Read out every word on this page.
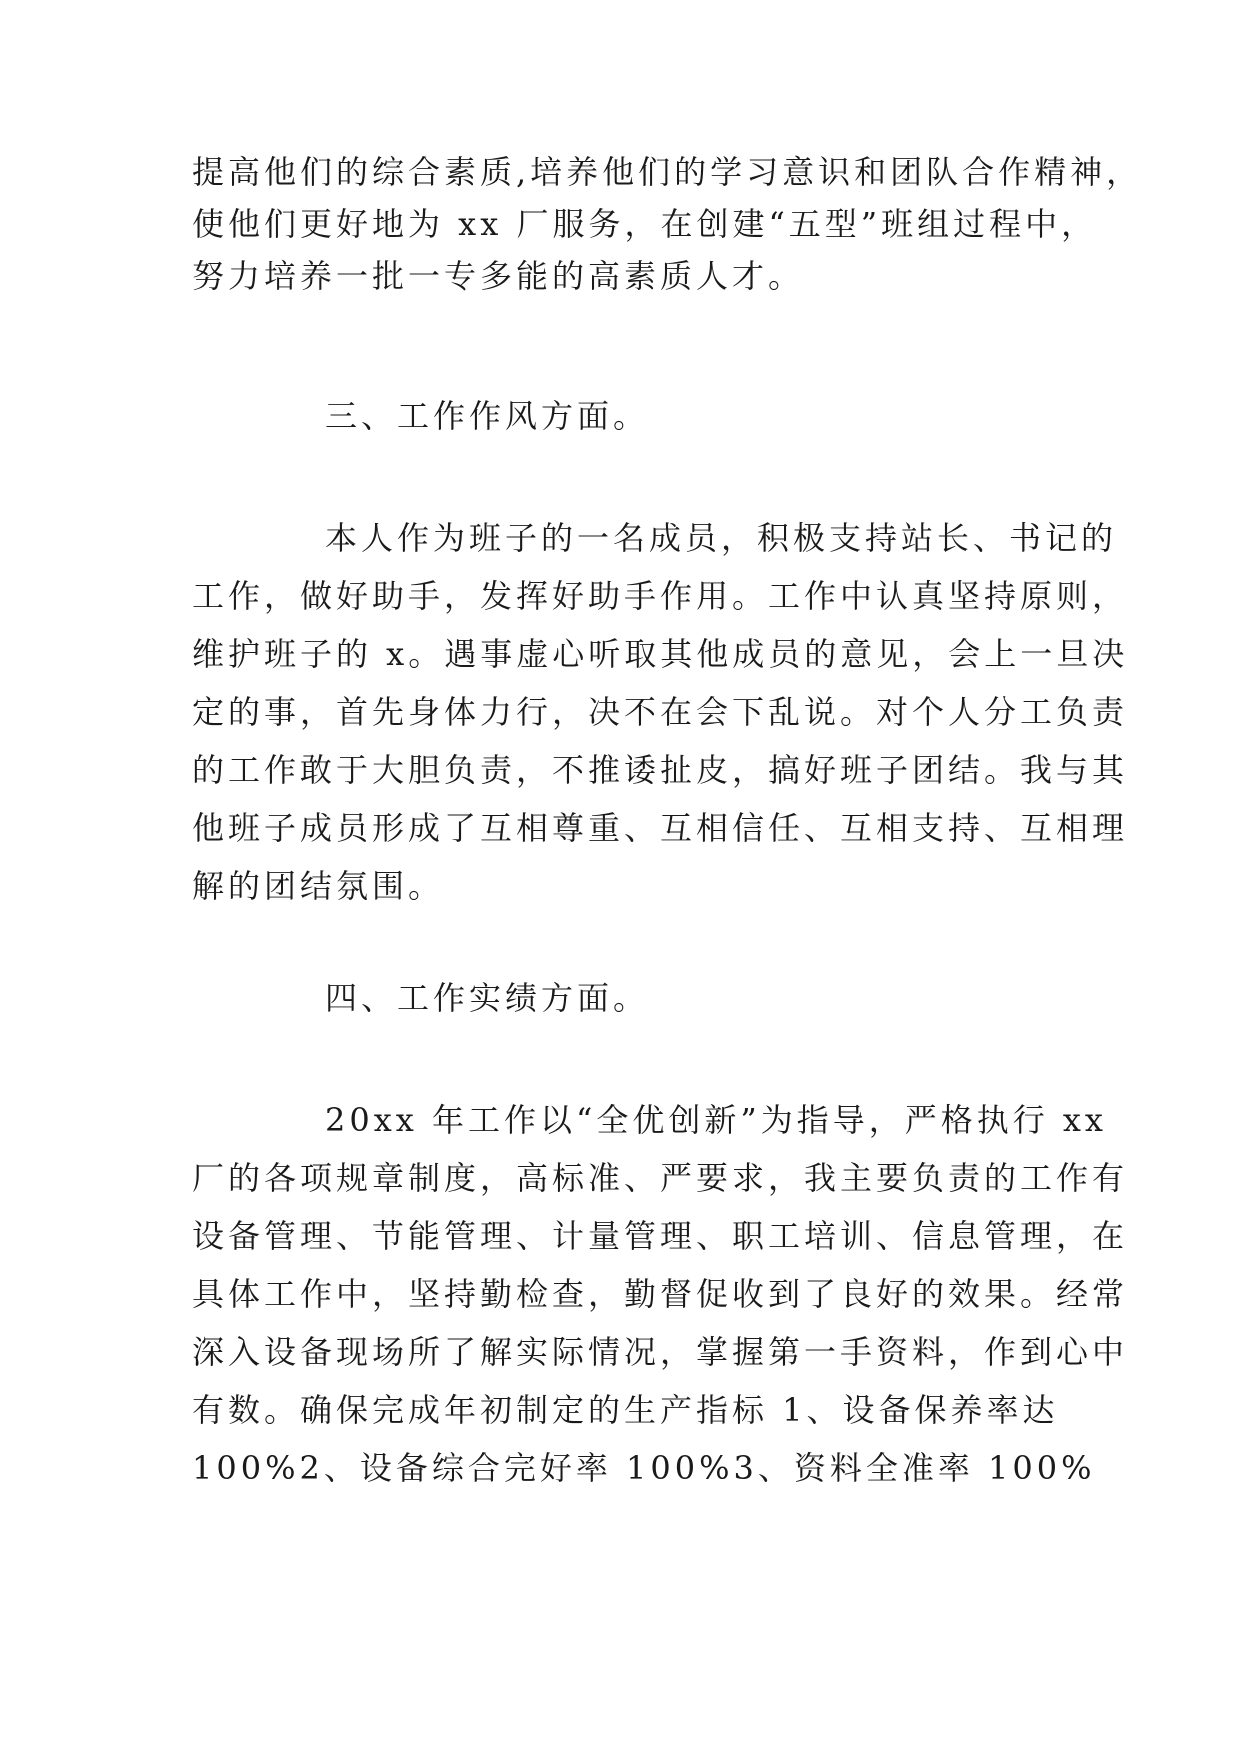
提高他们的综合素质,培养他们的学习意识和团队合作精神，
使他们更好地为 xx 厂服务，在创建“五型”班组过程中，
努力培养一批一专多能的高素质人才。
三、工作作风方面。
本人作为班子的一名成员，积极支持站长、书记的
工作，做好助手，发挥好助手作用。工作中认真坚持原则，
维护班子的 x。遇事虚心听取其他成员的意见，会上一旦决
定的事，首先身体力行，决不在会下乱说。对个人分工负责
的工作敢于大胆负责，不推诿扯皮，搞好班子团结。我与其
他班子成员形成了互相尊重、互相信任、互相支持、互相理
解的团结氛围。
四、工作实绩方面。
20xx 年工作以“全优创新”为指导，严格执行 xx
厂的各项规章制度，高标准、严要求，我主要负责的工作有
设备管理、节能管理、计量管理、职工培训、信息管理，在
具体工作中，坚持勤检查，勤督促收到了良好的效果。经常
深入设备现场所了解实际情况，掌握第一手资料，作到心中
有数。确保完成年初制定的生产指标 1、设备保养率达
100%2、设备综合完好率 100%3、资料全准率 100%
